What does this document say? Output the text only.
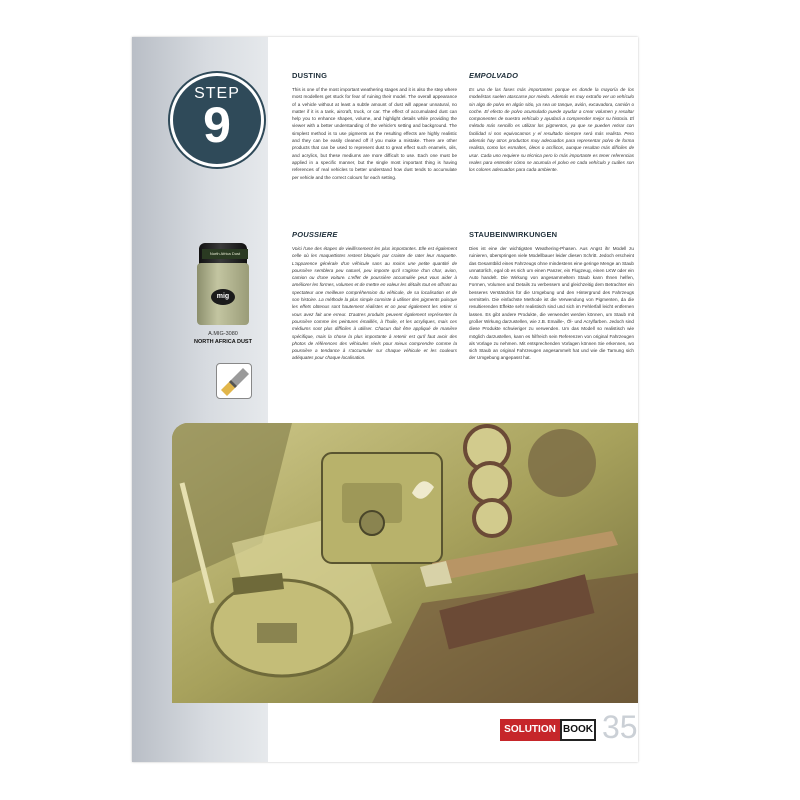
STEP
9
North Africa Dust
mig
A.MIG-3080
NORTH AFRICA DUST
DUSTING

This is one of the most important weathering stages and it is also the step where most modellers get stuck for fear of ruining their model. The overall appearance of a vehicle without at least a subtle amount of dust will appear unnatural, no matter if it is a tank, aircraft, truck, or car. The effect of accumulated dust can help you to enhance shapes, volume, and highlight details while providing the viewer with a better understanding of the vehicle's setting and background. The simplest method is to use pigments as the resulting effects are highly realistic and they can be easily cleaned off if you make a mistake. There are other products that can be used to represent dust to great effect such enamels, oils, and acrylics, but these mediums are more difficult to use. Each one must be applied in a specific manner, but the single most important thing is having references of real vehicles to better understand how dust tends to accumulate per vehicle and the correct colours for each setting.

EMPOLVADO

Es una de las fases más importantes porque es donde la mayoría de los modelistas suelen atascarse por miedo. Además es muy extraño ver un vehículo sin algo de polvo en algún sitio, ya sea un tanque, avión, excavadora, camión o coche. El efecto de polvo acumulado puede ayudar a crear volumen y resaltar componentes de nuestro vehículo y ayudará a comprender mejor su historia. El método más sencillo es utilizar los pigmentos, ya que se pueden retirar con facilidad si nos equivocamos y el resultado siempre será más realista. Pero además hay otros productos muy adecuados para representar polvo de forma realista, como los esmaltes, óleos o acrílicos, aunque resultan más difíciles de usar. Cada uno requiere su técnica pero lo más importante es tener referencias reales para entender cómo se acumula el polvo en cada vehículo y cuáles son los colores adecuados para cada ambiente.

POUSSIERE

Voici l'une des étapes de vieillissement les plus importantes. Elle est également celle où les maquettistes restent bloqués par crainte de rater leur maquette. L'apparence générale d'un véhicule sans au moins une petite quantité de poussière semblera peu naturel, peu importe qu'il s'agisse d'un char, avion, camion ou d'une voiture. L'effet de poussière accumulée peut vous aider à améliorer les formes, volumes et de mettre en valeur les détails tout en offrant au spectateur une meilleure compréhension du véhicule, de sa localisation et de son histoire. La méthode la plus simple consiste à utiliser des pigments puisque les effets obtenus sont hautement réalistes et on peut également les retirer si vous avez fait une erreur. D'autres produits peuvent également représenter la poussière comme les peintures émaillés, à l'huile, et les acryliques, mais ces médiums sont plus difficiles à utiliser. Chacun doit être appliqué de manière spécifique, mais la chose la plus importante à retenir est qu'il faut avoir des photos de références des véhicules réels pour mieux comprendre comme la poussière a tendance à s'accumuler sur chaque véhicule et les couleurs adéquates pour chaque localisation.

STAUBEINWIRKUNGEN

Dies ist eine der wichtigsten Weathering-Phasen. Aus Angst ihr Modell zu ruinieren, überspringen viele Modellbauer leider diesen Schritt. Jedoch erscheint das Gesamtbild eines Fahrzeugs ohne mindestens eine geringe Menge an Staub unnatürlich, egal ob es sich um einen Panzer, ein Flugzeug, einen LKW oder ein Auto handelt. Die Wirkung von angesammeltem Staub kann Ihnen helfen, Formen, Volumen und Details zu verbessern und gleichzeitig dem Betrachter ein besseres Verständnis für die Umgebung und den Hintergrund des Fahrzeugs vermitteln. Die einfachste Methode ist die Verwendung von Pigmenten, da die resultierenden Effekte sehr realistisch sind und sich im Fehlerfall leicht entfernen lassen. Es gibt andere Produkte, die verwendet werden können, um Staub mit großer Wirkung darzustellen, wie z.B. Emaille-, Öl- und Acrylfarben. Jedoch sind diese Produkte schwieriger zu verwenden. Um das Modell so realistisch wie möglich darzustellen, kann es hilfreich sein Referenzen von original Fahrzeugen als Vorlage zu nehmen. Mit entsprechenden Vorlagen können Sie erkennen, wo sich Staub an original Fahrzeugen angesammelt hat und wie die Tarnung sich der Umgebung angepasst hat.

SOLUTION BOOK 35
